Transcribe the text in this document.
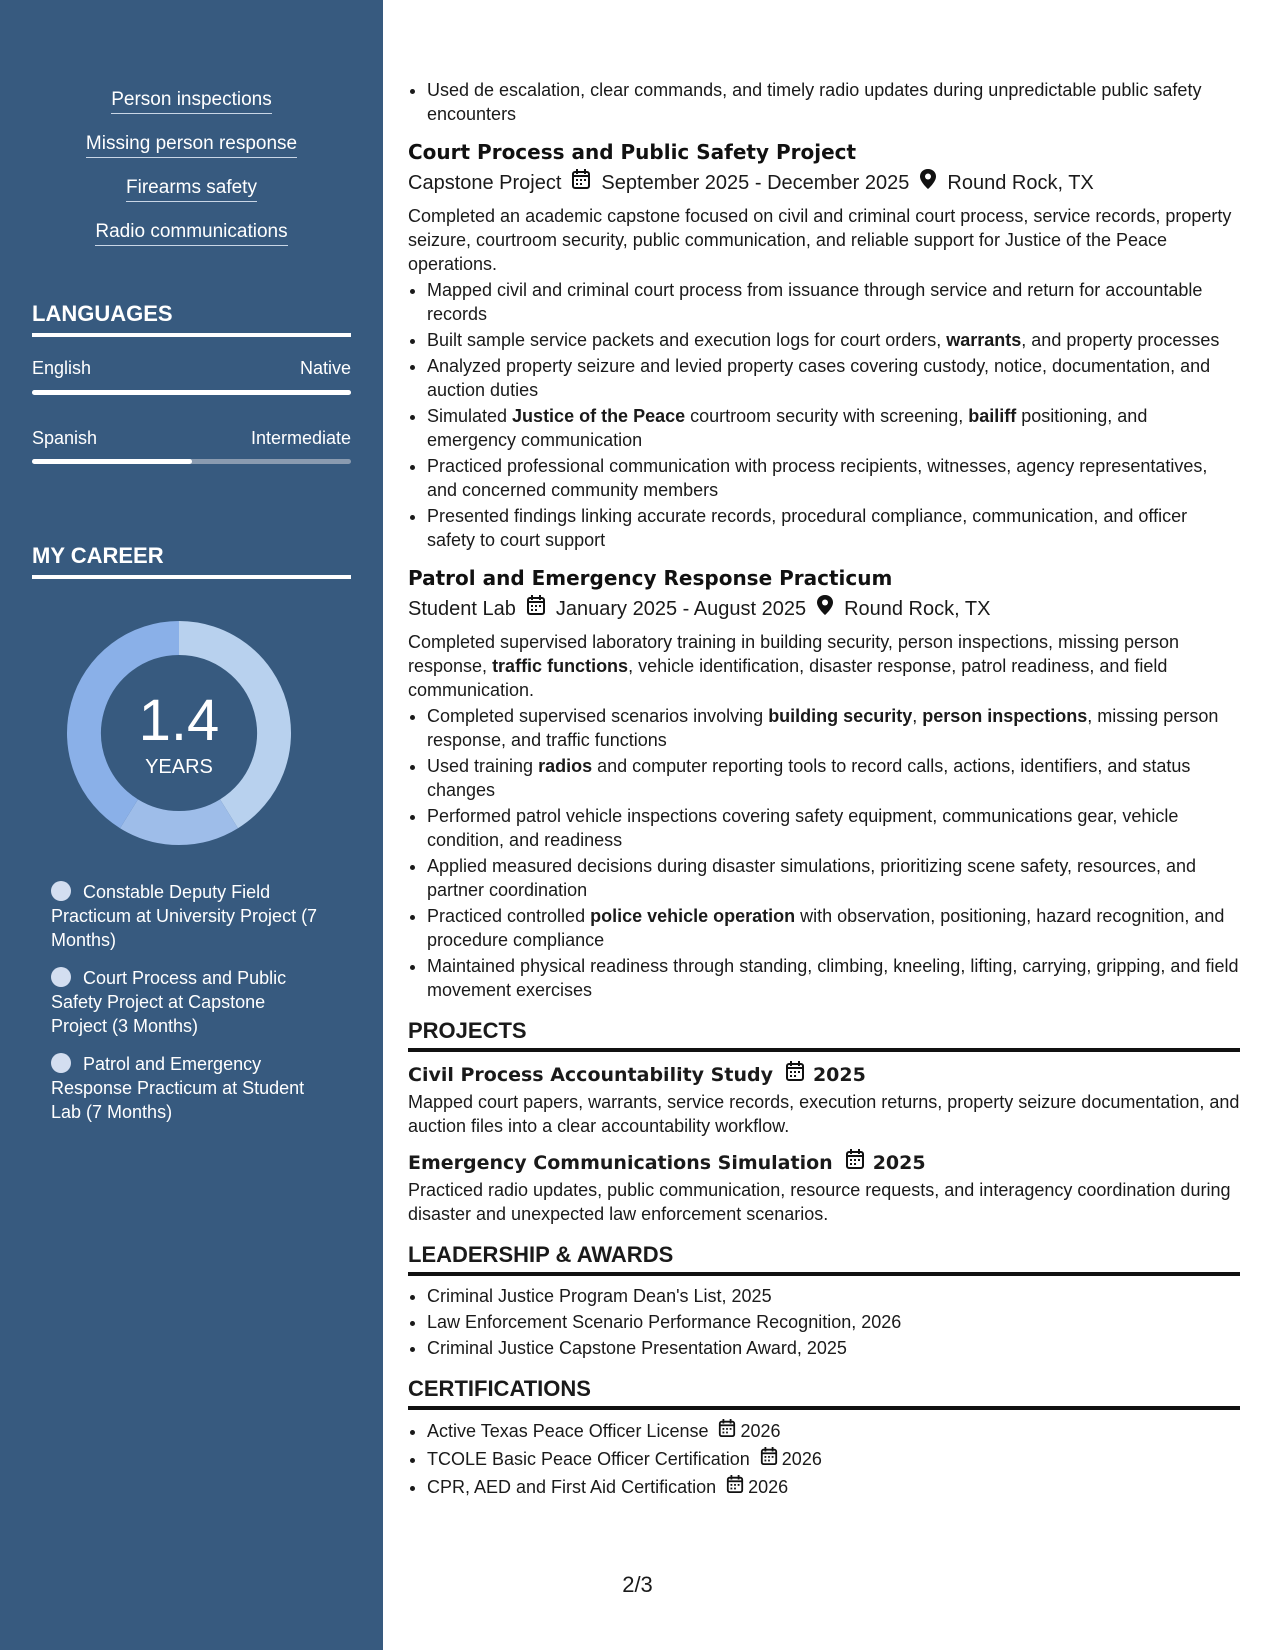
Person inspections
Missing person response
Firearms safety
Radio communications
LANGUAGES
English	Native
Spanish	Intermediate
MY CAREER
1.4
YEARS
Constable Deputy Field Practicum at University Project (7 Months)
Court Process and Public Safety Project at Capstone Project (3 Months)
Patrol and Emergency Response Practicum at Student Lab (7 Months)
• Used de escalation, clear commands, and timely radio updates during unpredictable public safety encounters
Court Process and Public Safety Project
Capstone Project September 2025 - December 2025 Round Rock, TX
Completed an academic capstone focused on civil and criminal court process, service records, property seizure, courtroom security, public communication, and reliable support for Justice of the Peace operations.
• Mapped civil and criminal court process from issuance through service and return for accountable records
• Built sample service packets and execution logs for court orders, warrants, and property processes
• Analyzed property seizure and levied property cases covering custody, notice, documentation, and auction duties
• Simulated Justice of the Peace courtroom security with screening, bailiff positioning, and emergency communication
• Practiced professional communication with process recipients, witnesses, agency representatives, and concerned community members
• Presented findings linking accurate records, procedural compliance, communication, and officer safety to court support
Patrol and Emergency Response Practicum
Student Lab January 2025 - August 2025 Round Rock, TX
Completed supervised laboratory training in building security, person inspections, missing person response, traffic functions, vehicle identification, disaster response, patrol readiness, and field communication.
• Completed supervised scenarios involving building security, person inspections, missing person response, and traffic functions
• Used training radios and computer reporting tools to record calls, actions, identifiers, and status changes
• Performed patrol vehicle inspections covering safety equipment, communications gear, vehicle condition, and readiness
• Applied measured decisions during disaster simulations, prioritizing scene safety, resources, and partner coordination
• Practiced controlled police vehicle operation with observation, positioning, hazard recognition, and procedure compliance
• Maintained physical readiness through standing, climbing, kneeling, lifting, carrying, gripping, and field movement exercises
PROJECTS
Civil Process Accountability Study 2025
Mapped court papers, warrants, service records, execution returns, property seizure documentation, and auction files into a clear accountability workflow.
Emergency Communications Simulation 2025
Practiced radio updates, public communication, resource requests, and interagency coordination during disaster and unexpected law enforcement scenarios.
LEADERSHIP & AWARDS
• Criminal Justice Program Dean's List, 2025
• Law Enforcement Scenario Performance Recognition, 2026
• Criminal Justice Capstone Presentation Award, 2025
CERTIFICATIONS
• Active Texas Peace Officer License 2026
• TCOLE Basic Peace Officer Certification 2026
• CPR, AED and First Aid Certification 2026
2/3
